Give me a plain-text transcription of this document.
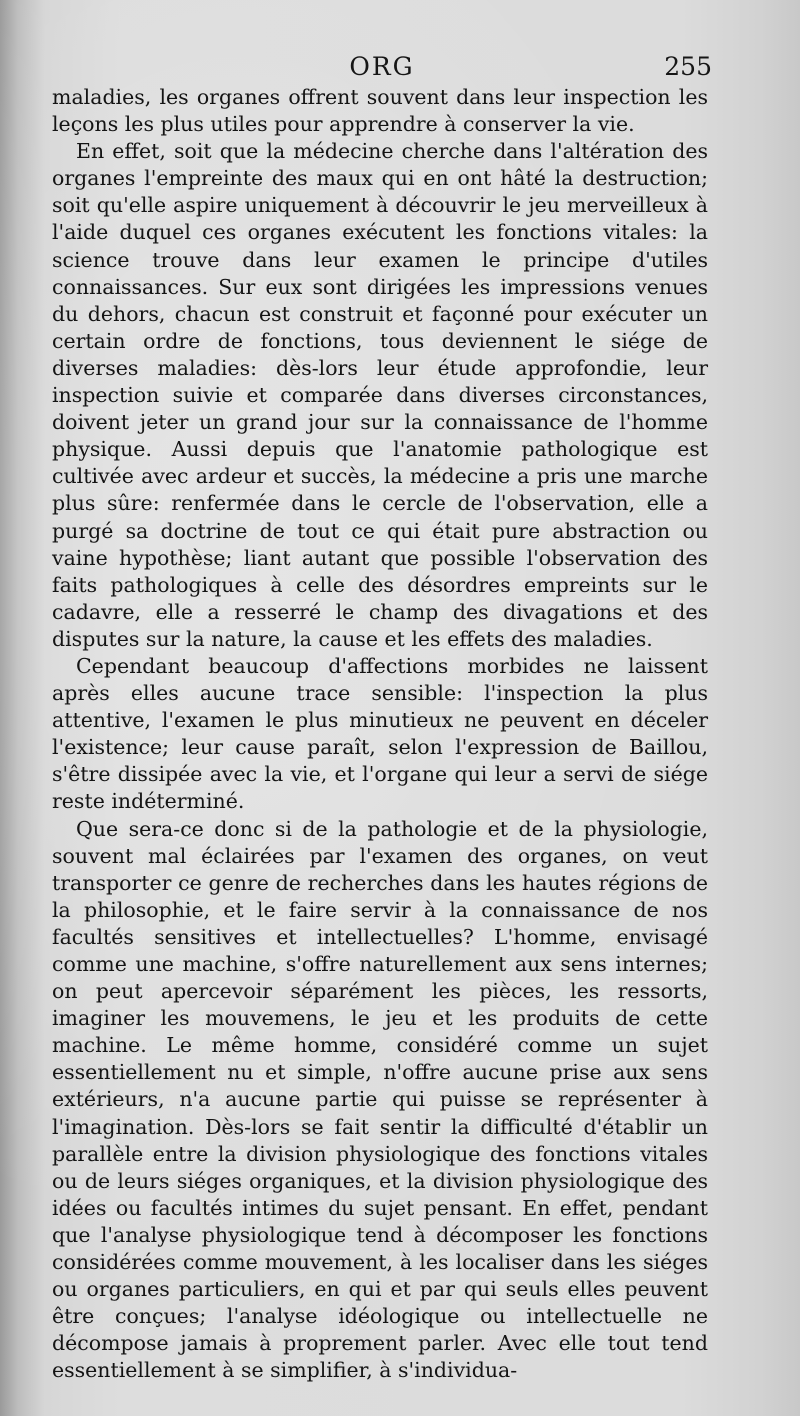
ORG	255

maladies, les organes offrent souvent dans leur inspection les leçons les plus utiles pour apprendre à conserver la vie.

En effet, soit que la médecine cherche dans l'altération des organes l'empreinte des maux qui en ont hâté la destruction; soit qu'elle aspire uniquement à découvrir le jeu merveilleux à l'aide duquel ces organes exécutent les fonctions vitales: la science trouve dans leur examen le principe d'utiles connaissances. Sur eux sont dirigées les impressions venues du dehors, chacun est construit et façonné pour exécuter un certain ordre de fonctions, tous deviennent le siége de diverses maladies: dès-lors leur étude approfondie, leur inspection suivie et comparée dans diverses circonstances, doivent jeter un grand jour sur la connaissance de l'homme physique. Aussi depuis que l'anatomie pathologique est cultivée avec ardeur et succès, la médecine a pris une marche plus sûre: renfermée dans le cercle de l'observation, elle a purgé sa doctrine de tout ce qui était pure abstraction ou vaine hypothèse; liant autant que possible l'observation des faits pathologiques à celle des désordres empreints sur le cadavre, elle a resserré le champ des divagations et des disputes sur la nature, la cause et les effets des maladies.

Cependant beaucoup d'affections morbides ne laissent après elles aucune trace sensible: l'inspection la plus attentive, l'examen le plus minutieux ne peuvent en déceler l'existence; leur cause paraît, selon l'expression de Baillou, s'être dissipée avec la vie, et l'organe qui leur a servi de siége reste indéterminé.

Que sera-ce donc si de la pathologie et de la physiologie, souvent mal éclairées par l'examen des organes, on veut transporter ce genre de recherches dans les hautes régions de la philosophie, et le faire servir à la connaissance de nos facultés sensitives et intellectuelles? L'homme, envisagé comme une machine, s'offre naturellement aux sens internes; on peut apercevoir séparément les pièces, les ressorts, imaginer les mouvemens, le jeu et les produits de cette machine. Le même homme, considéré comme un sujet essentiellement nu et simple, n'offre aucune prise aux sens extérieurs, n'a aucune partie qui puisse se représenter à l'imagination. Dès-lors se fait sentir la difficulté d'établir un parallèle entre la division physiologique des fonctions vitales ou de leurs siéges organiques, et la division physiologique des idées ou facultés intimes du sujet pensant. En effet, pendant que l'analyse physiologique tend à décomposer les fonctions considérées comme mouvement, à les localiser dans les siéges ou organes particuliers, en qui et par qui seuls elles peuvent être conçues; l'analyse idéologique ou intellectuelle ne décompose jamais à proprement parler. Avec elle tout tend essentiellement à se simplifier, à s'individua-
